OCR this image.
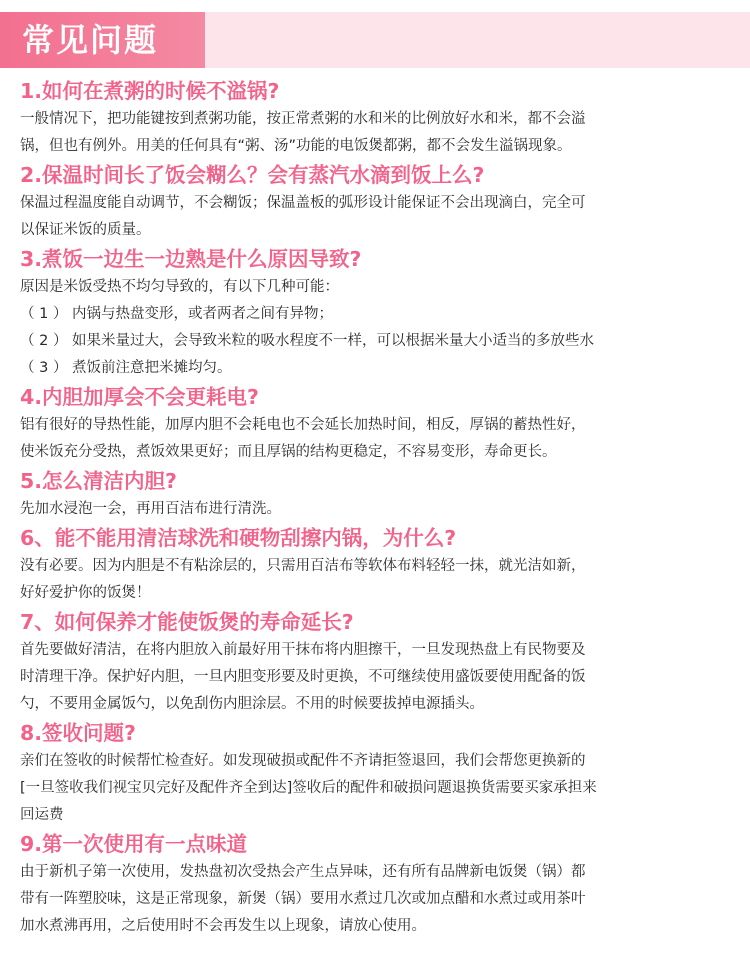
常见问题
1.如何在煮粥的时候不溢锅?

一般情况下，把功能键按到煮粥功能，按正常煮粥的水和米的比例放好水和米，都不会溢

锅，但也有例外。用美的任何具有“粥、汤”功能的电饭煲都粥，都不会发生溢锅现象。

2.保温时间长了饭会糊么？会有蒸汽水滴到饭上么?

保温过程温度能自动调节，不会糊饭；保温盖板的弧形设计能保证不会出现滴白，完全可

以保证米饭的质量。

3.煮饭一边生一边熟是什么原因导致?

原因是米饭受热不均匀导致的，有以下几种可能：

（ 1 ） 内锅与热盘变形，或者两者之间有异物；

（ 2 ） 如果米量过大，会导致米粒的吸水程度不一样，可以根据米量大小适当的多放些水

（ 3 ） 煮饭前注意把米摊均匀。

4.内胆加厚会不会更耗电?

铝有很好的导热性能，加厚内胆不会耗电也不会延长加热时间，相反，厚锅的蓄热性好，

使米饭充分受热，煮饭效果更好；而且厚锅的结构更稳定，不容易变形，寿命更长。

5.怎么清洁内胆?

先加水浸泡一会，再用百洁布进行清洗。

6、能不能用清洁球洗和硬物刮擦内锅，为什么?

没有必要。因为内胆是不有粘涂层的，只需用百洁布等软体布料轻轻一抹，就光洁如新，

好好爱护你的饭煲！

7、如何保养才能使饭煲的寿命延长?

首先要做好清洁，在将内胆放入前最好用干抹布将内胆擦干，一旦发现热盘上有民物要及

时清理干净。保护好内胆，一旦内胆变形要及时更换，不可继续使用盛饭要使用配备的饭

勺，不要用金属饭勺，以免刮伤内胆涂层。不用的时候要拔掉电源插头。

8.签收问题?

亲们在签收的时候帮忙检查好。如发现破损或配件不齐请拒签退回，我们会帮您更换新的

[一旦签收我们视宝贝完好及配件齐全到达]签收后的配件和破损问题退换货需要买家承担来

回运费

9.第一次使用有一点味道

由于新机子第一次使用，发热盘初次受热会产生点异味，还有所有品牌新电饭煲（锅）都

带有一阵塑胶味，这是正常现象，新煲（锅）要用水煮过几次或加点醋和水煮过或用茶叶

加水煮沸再用，之后使用时不会再发生以上现象，请放心使用。
